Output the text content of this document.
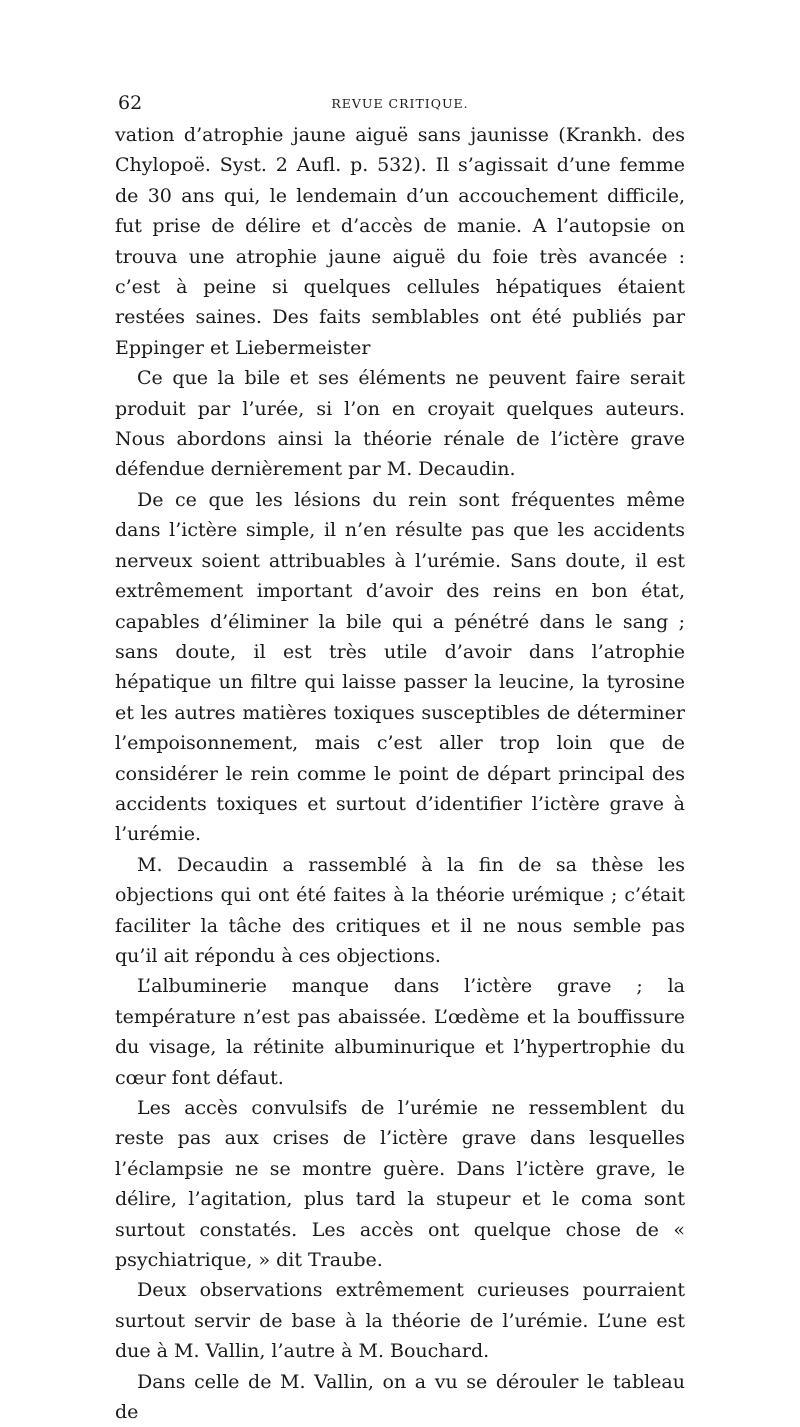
62	REVUE CRITIQUE.

vation d’atrophie jaune aiguë sans jaunisse (Krankh. des Chylopoë. Syst. 2 Aufl. p. 532). Il s’agissait d’une femme de 30 ans qui, le lendemain d’un accouchement difficile, fut prise de délire et d’accès de manie. A l’autopsie on trouva une atrophie jaune aiguë du foie très avancée : c’est à peine si quelques cellules hépatiques étaient restées saines. Des faits semblables ont été publiés par Eppinger et Liebermeister

Ce que la bile et ses éléments ne peuvent faire serait produit par l’urée, si l’on en croyait quelques auteurs. Nous abordons ainsi la théorie rénale de l’ictère grave défendue dernièrement par M. Decaudin.

De ce que les lésions du rein sont fréquentes même dans l’ictère simple, il n’en résulte pas que les accidents nerveux soient attribuables à l’urémie. Sans doute, il est extrêmement important d’avoir des reins en bon état, capables d’éliminer la bile qui a pénétré dans le sang ; sans doute, il est très utile d’avoir dans l’atrophie hépatique un filtre qui laisse passer la leucine, la tyrosine et les autres matières toxiques susceptibles de déterminer l’empoisonnement, mais c’est aller trop loin que de considérer le rein comme le point de départ principal des accidents toxiques et surtout d’identifier l’ictère grave à l’urémie.

M. Decaudin a rassemblé à la fin de sa thèse les objections qui ont été faites à la théorie urémique ; c’était faciliter la tâche des critiques et il ne nous semble pas qu’il ait répondu à ces objections.

L’albuminerie manque dans l’ictère grave ; la température n’est pas abaissée. L’œdème et la bouffissure du visage, la rétinite albuminurique et l’hypertrophie du cœur font défaut.

Les accès convulsifs de l’urémie ne ressemblent du reste pas aux crises de l’ictère grave dans lesquelles l’éclampsie ne se montre guère. Dans l’ictère grave, le délire, l’agitation, plus tard la stupeur et le coma sont surtout constatés. Les accès ont quelque chose de « psychiatrique, » dit Traube.

Deux observations extrêmement curieuses pourraient surtout servir de base à la théorie de l’urémie. L’une est due à M. Vallin, l’autre à M. Bouchard.

Dans celle de M. Vallin, on a vu se dérouler le tableau de
